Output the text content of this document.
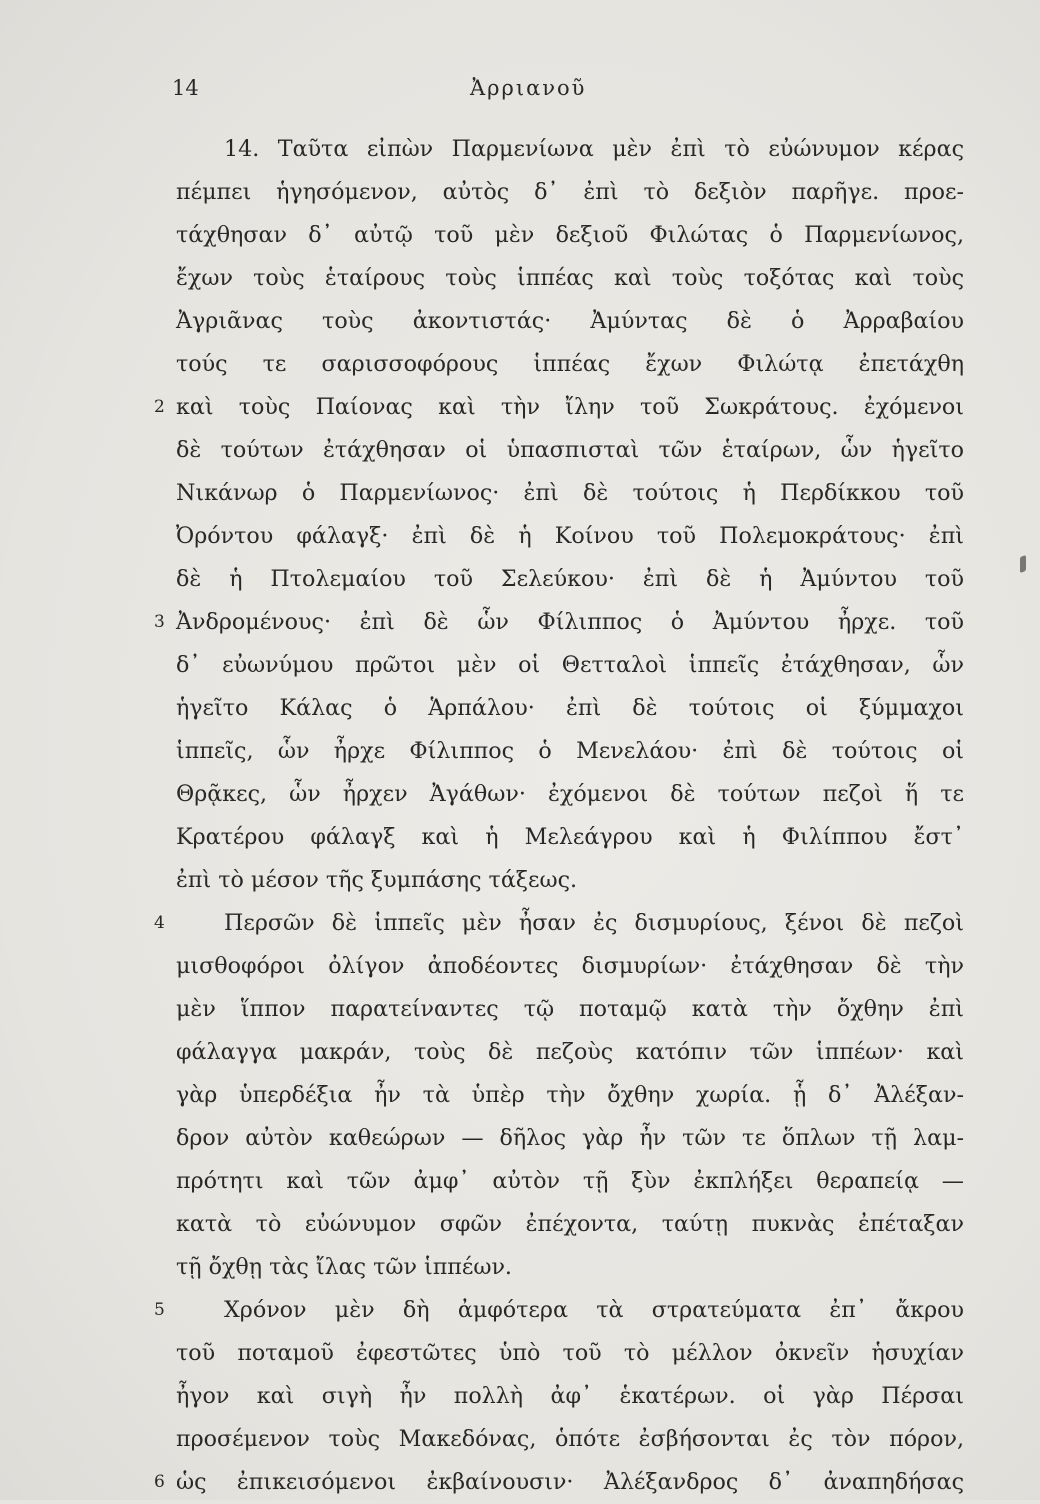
14	Ἀρριανοῦ
14. Ταῦτα εἰπὼν Παρμενίωνα μὲν ἐπὶ τὸ εὐώνυμον κέρας
πέμπει ἡγησόμενον, αὐτὸς δ᾽ ἐπὶ τὸ δεξιὸν παρῆγε. προε-
τάχθησαν δ᾽ αὐτῷ τοῦ μὲν δεξιοῦ Φιλώτας ὁ Παρμενίωνος,
ἔχων τοὺς ἑταίρους τοὺς ἱππέας καὶ τοὺς τοξότας καὶ τοὺς
Ἀγριᾶνας τοὺς ἀκοντιστάς· Ἀμύντας δὲ ὁ Ἀρραβαίου
τούς τε σαρισσοφόρους ἱππέας ἔχων Φιλώτᾳ ἐπετάχθη
2 καὶ τοὺς Παίονας καὶ τὴν ἴλην τοῦ Σωκράτους. ἐχόμενοι
δὲ τούτων ἐτάχθησαν οἱ ὑπασπισταὶ τῶν ἑταίρων, ὧν ἡγεῖτο
Νικάνωρ ὁ Παρμενίωνος· ἐπὶ δὲ τούτοις ἡ Περδίκκου τοῦ
Ὀρόντου φάλαγξ· ἐπὶ δὲ ἡ Κοίνου τοῦ Πολεμοκράτους· ἐπὶ
δὲ ἡ Πτολεμαίου τοῦ Σελεύκου· ἐπὶ δὲ ἡ Ἀμύντου τοῦ
3 Ἀνδρομένους· ἐπὶ δὲ ὧν Φίλιππος ὁ Ἀμύντου ἦρχε. τοῦ
δ᾽ εὐωνύμου πρῶτοι μὲν οἱ Θετταλοὶ ἱππεῖς ἐτάχθησαν, ὧν
ἡγεῖτο Κάλας ὁ Ἁρπάλου· ἐπὶ δὲ τούτοις οἱ ξύμμαχοι
ἱππεῖς, ὧν ἦρχε Φίλιππος ὁ Μενελάου· ἐπὶ δὲ τούτοις οἱ
Θρᾷκες, ὧν ἦρχεν Ἀγάθων· ἐχόμενοι δὲ τούτων πεζοὶ ἥ τε
Κρατέρου φάλαγξ καὶ ἡ Μελεάγρου καὶ ἡ Φιλίππου ἔστ᾽
ἐπὶ τὸ μέσον τῆς ξυμπάσης τάξεως.
4	Περσῶν δὲ ἱππεῖς μὲν ἦσαν ἐς δισμυρίους, ξένοι δὲ πεζοὶ
μισθοφόροι ὀλίγον ἀποδέοντες δισμυρίων· ἐτάχθησαν δὲ τὴν
μὲν ἵππον παρατείναντες τῷ ποταμῷ κατὰ τὴν ὄχθην ἐπὶ
φάλαγγα μακράν, τοὺς δὲ πεζοὺς κατόπιν τῶν ἱππέων· καὶ
γὰρ ὑπερδέξια ἦν τὰ ὑπὲρ τὴν ὄχθην χωρία. ᾗ δ᾽ Ἀλέξαν-
δρον αὐτὸν καθεώρων — δῆλος γὰρ ἦν τῶν τε ὅπλων τῇ λαμ-
πρότητι καὶ τῶν ἀμφ᾽ αὐτὸν τῇ ξὺν ἐκπλήξει θεραπείᾳ —
κατὰ τὸ εὐώνυμον σφῶν ἐπέχοντα, ταύτῃ πυκνὰς ἐπέταξαν
τῇ ὄχθῃ τὰς ἴλας τῶν ἱππέων.
5	Χρόνον μὲν δὴ ἀμφότερα τὰ στρατεύματα ἐπ᾽ ἄκρου
τοῦ ποταμοῦ ἐφεστῶτες ὑπὸ τοῦ τὸ μέλλον ὀκνεῖν ἡσυχίαν
ἦγον καὶ σιγὴ ἦν πολλὴ ἀφ᾽ ἑκατέρων. οἱ γὰρ Πέρσαι
προσέμενον τοὺς Μακεδόνας, ὁπότε ἐσβήσονται ἐς τὸν πόρον,
6 ὡς ἐπικεισόμενοι ἐκβαίνουσιν· Ἀλέξανδρος δ᾽ ἀναπηδήσας
